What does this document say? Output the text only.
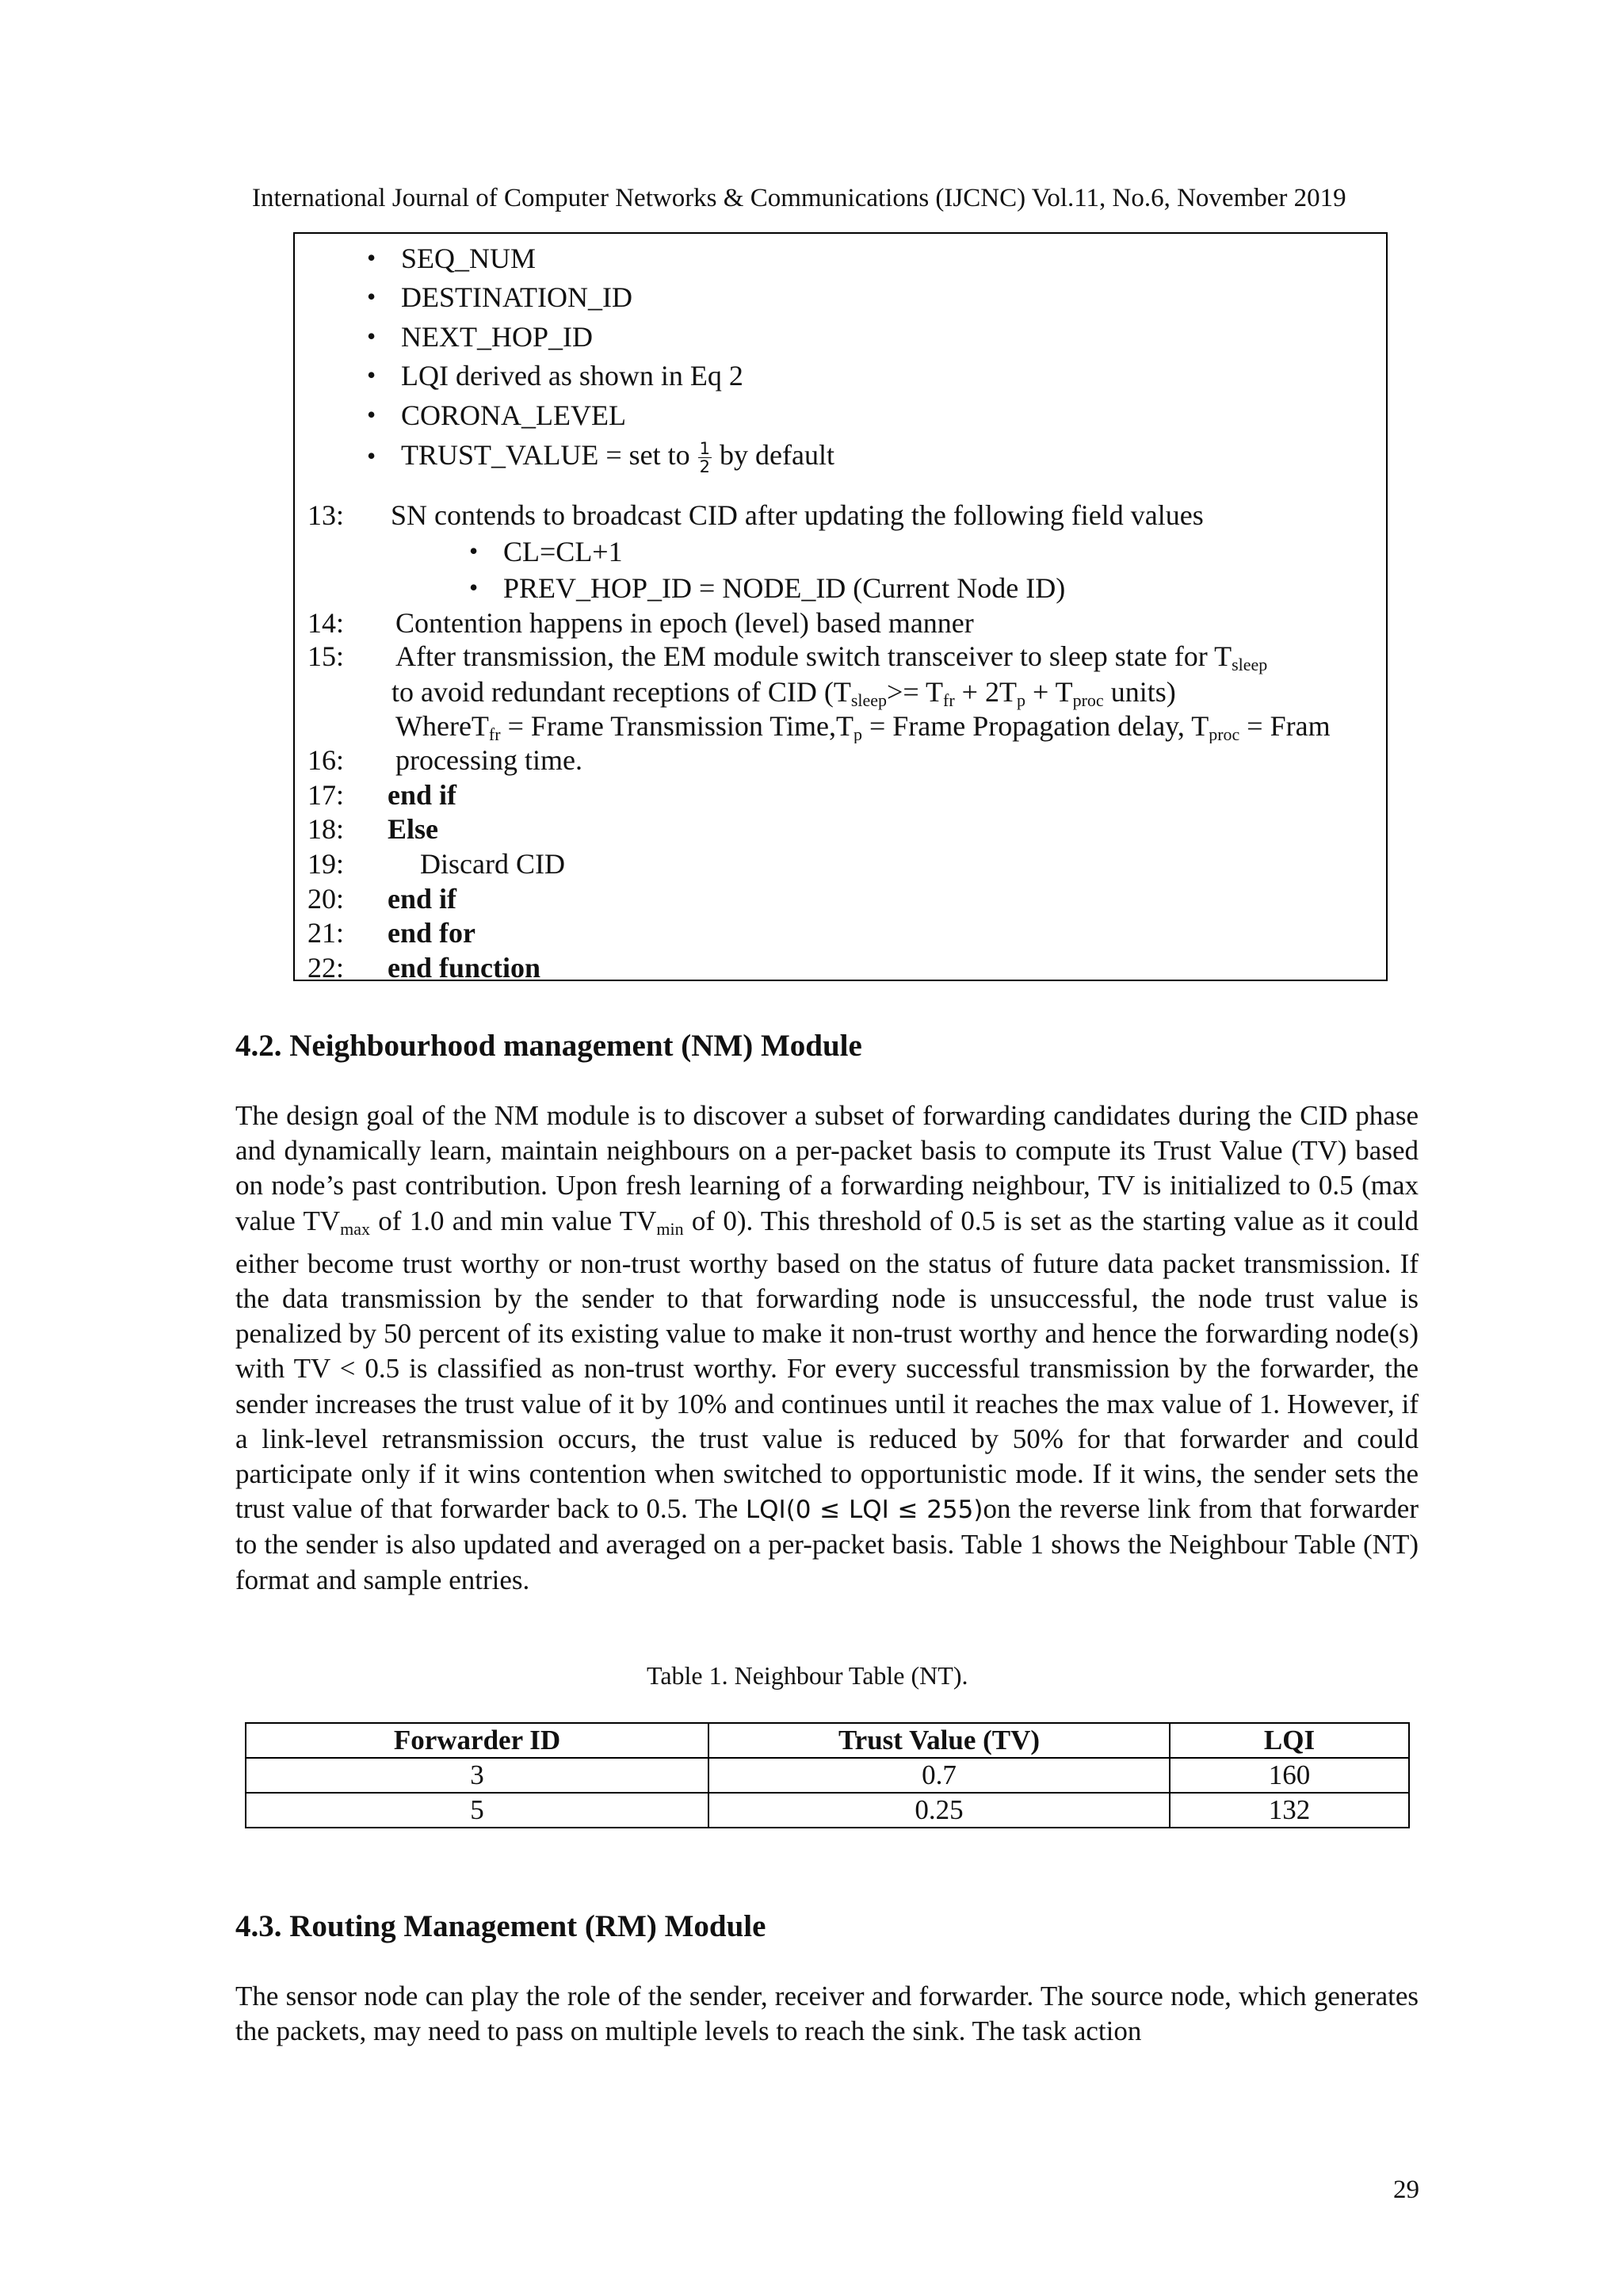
International Journal of Computer Networks & Communications (IJCNC) Vol.11, No.6, November 2019
• SEQ_NUM
• DESTINATION_ID
• NEXT_HOP_ID
• LQI derived as shown in Eq 2
• CORONA_LEVEL
• TRUST_VALUE = set to $\frac{1}{2}$ by default
13:	SN contends to broadcast CID after updating the following field values
• CL=CL+1
• PREV_HOP_ID = NODE_ID (Current Node ID)
14:	Contention happens in epoch (level) based manner
15:	After transmission, the EM module switch transceiver to sleep state for $T_{sleep}$
to avoid redundant receptions of CID ($T_{sleep}>= T_{fr} + 2T_p + T_{proc}$ units)
WhereT$_{fr}$ = Frame Transmission $Time,T_p$ = Frame Propagation delay, $T_{proc}$ = Fram
16:	processing time.
17:	end if
18:	Else
19:	Discard CID
20:	end if
21:	end for
22:	end function
4.2. Neighbourhood management (NM) Module

The design goal of the NM module is to discover a subset of forwarding candidates during the CID phase and dynamically learn, maintain neighbours on a per-packet basis to compute its Trust Value (TV) based on node’s past contribution. Upon fresh learning of a forwarding neighbour, TV is initialized to 0.5 (max value $TV_{max}$ of 1.0 and min value $TV_{min}$ of 0). This threshold of 0.5 is set as the starting value as it could either become trust worthy or non-trust worthy based on the status of future data packet transmission. If the data transmission by the sender to that forwarding node is unsuccessful, the node trust value is penalized by 50 percent of its existing value to make it non-trust worthy and hence the forwarding node(s) with TV < 0.5 is classified as non-trust worthy. For every successful transmission by the forwarder, the sender increases the trust value of it by 10% and continues until it reaches the max value of 1. However, if a link-level retransmission occurs, the trust value is reduced by 50% for that forwarder and could participate only if it wins contention when switched to opportunistic mode. If it wins, the sender sets the trust value of that forwarder back to 0.5. The LQI(0 ≤ LQI ≤ 255)on the reverse link from that forwarder to the sender is also updated and averaged on a per-packet basis. Table 1 shows the Neighbour Table (NT) format and sample entries.

Table 1. Neighbour Table (NT).
Forwarder ID	Trust Value (TV)	LQI
3	0.7	160
5	0.25	132
4.3. Routing Management (RM) Module

The sensor node can play the role of the sender, receiver and forwarder. The source node, which generates the packets, may need to pass on multiple levels to reach the sink. The task action

29
